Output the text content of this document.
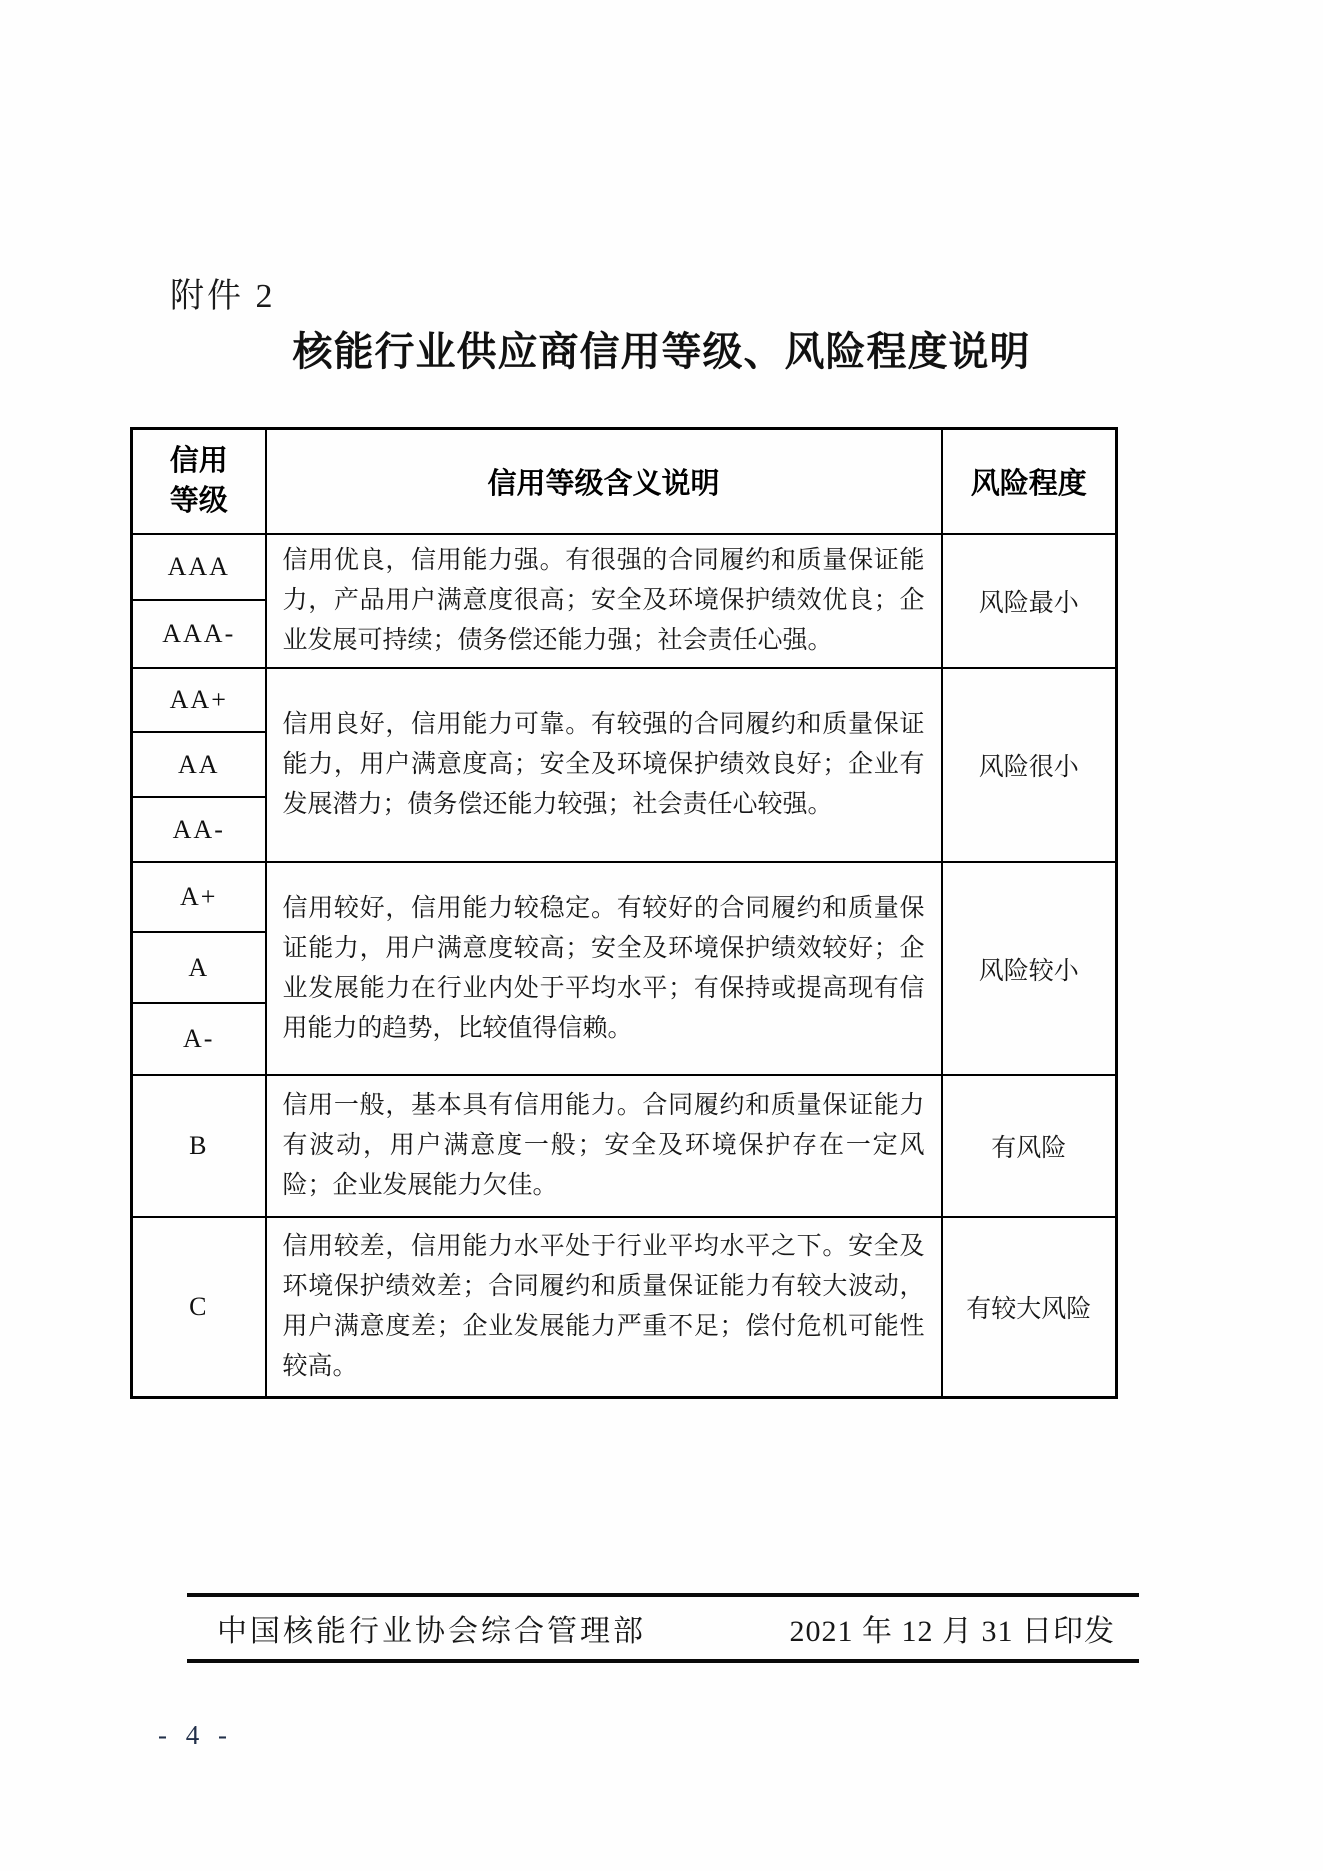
附件 2
核能行业供应商信用等级、风险程度说明
信用等级	信用等级含义说明	风险程度
AAA	信用优良，信用能力强。有很强的合同履约和质量保证能力，产品用户满意度很高；安全及环境保护绩效优良；企业发展可持续；债务偿还能力强；社会责任心强。	风险最小
AAA-		
AA+	信用良好，信用能力可靠。有较强的合同履约和质量保证能力，用户满意度高；安全及环境保护绩效良好；企业有发展潜力；债务偿还能力较强；社会责任心较强。	风险很小
AA		
AA-		
A+	信用较好，信用能力较稳定。有较好的合同履约和质量保证能力，用户满意度较高；安全及环境保护绩效较好；企业发展能力在行业内处于平均水平；有保持或提高现有信用能力的趋势，比较值得信赖。	风险较小
A		
A-		
B	信用一般，基本具有信用能力。合同履约和质量保证能力有波动，用户满意度一般；安全及环境保护存在一定风险；企业发展能力欠佳。	有风险
C	信用较差，信用能力水平处于行业平均水平之下。安全及环境保护绩效差；合同履约和质量保证能力有较大波动，用户满意度差；企业发展能力严重不足；偿付危机可能性较高。	有较大风险
中国核能行业协会综合管理部	2021 年 12 月 31 日印发
- 4 -
